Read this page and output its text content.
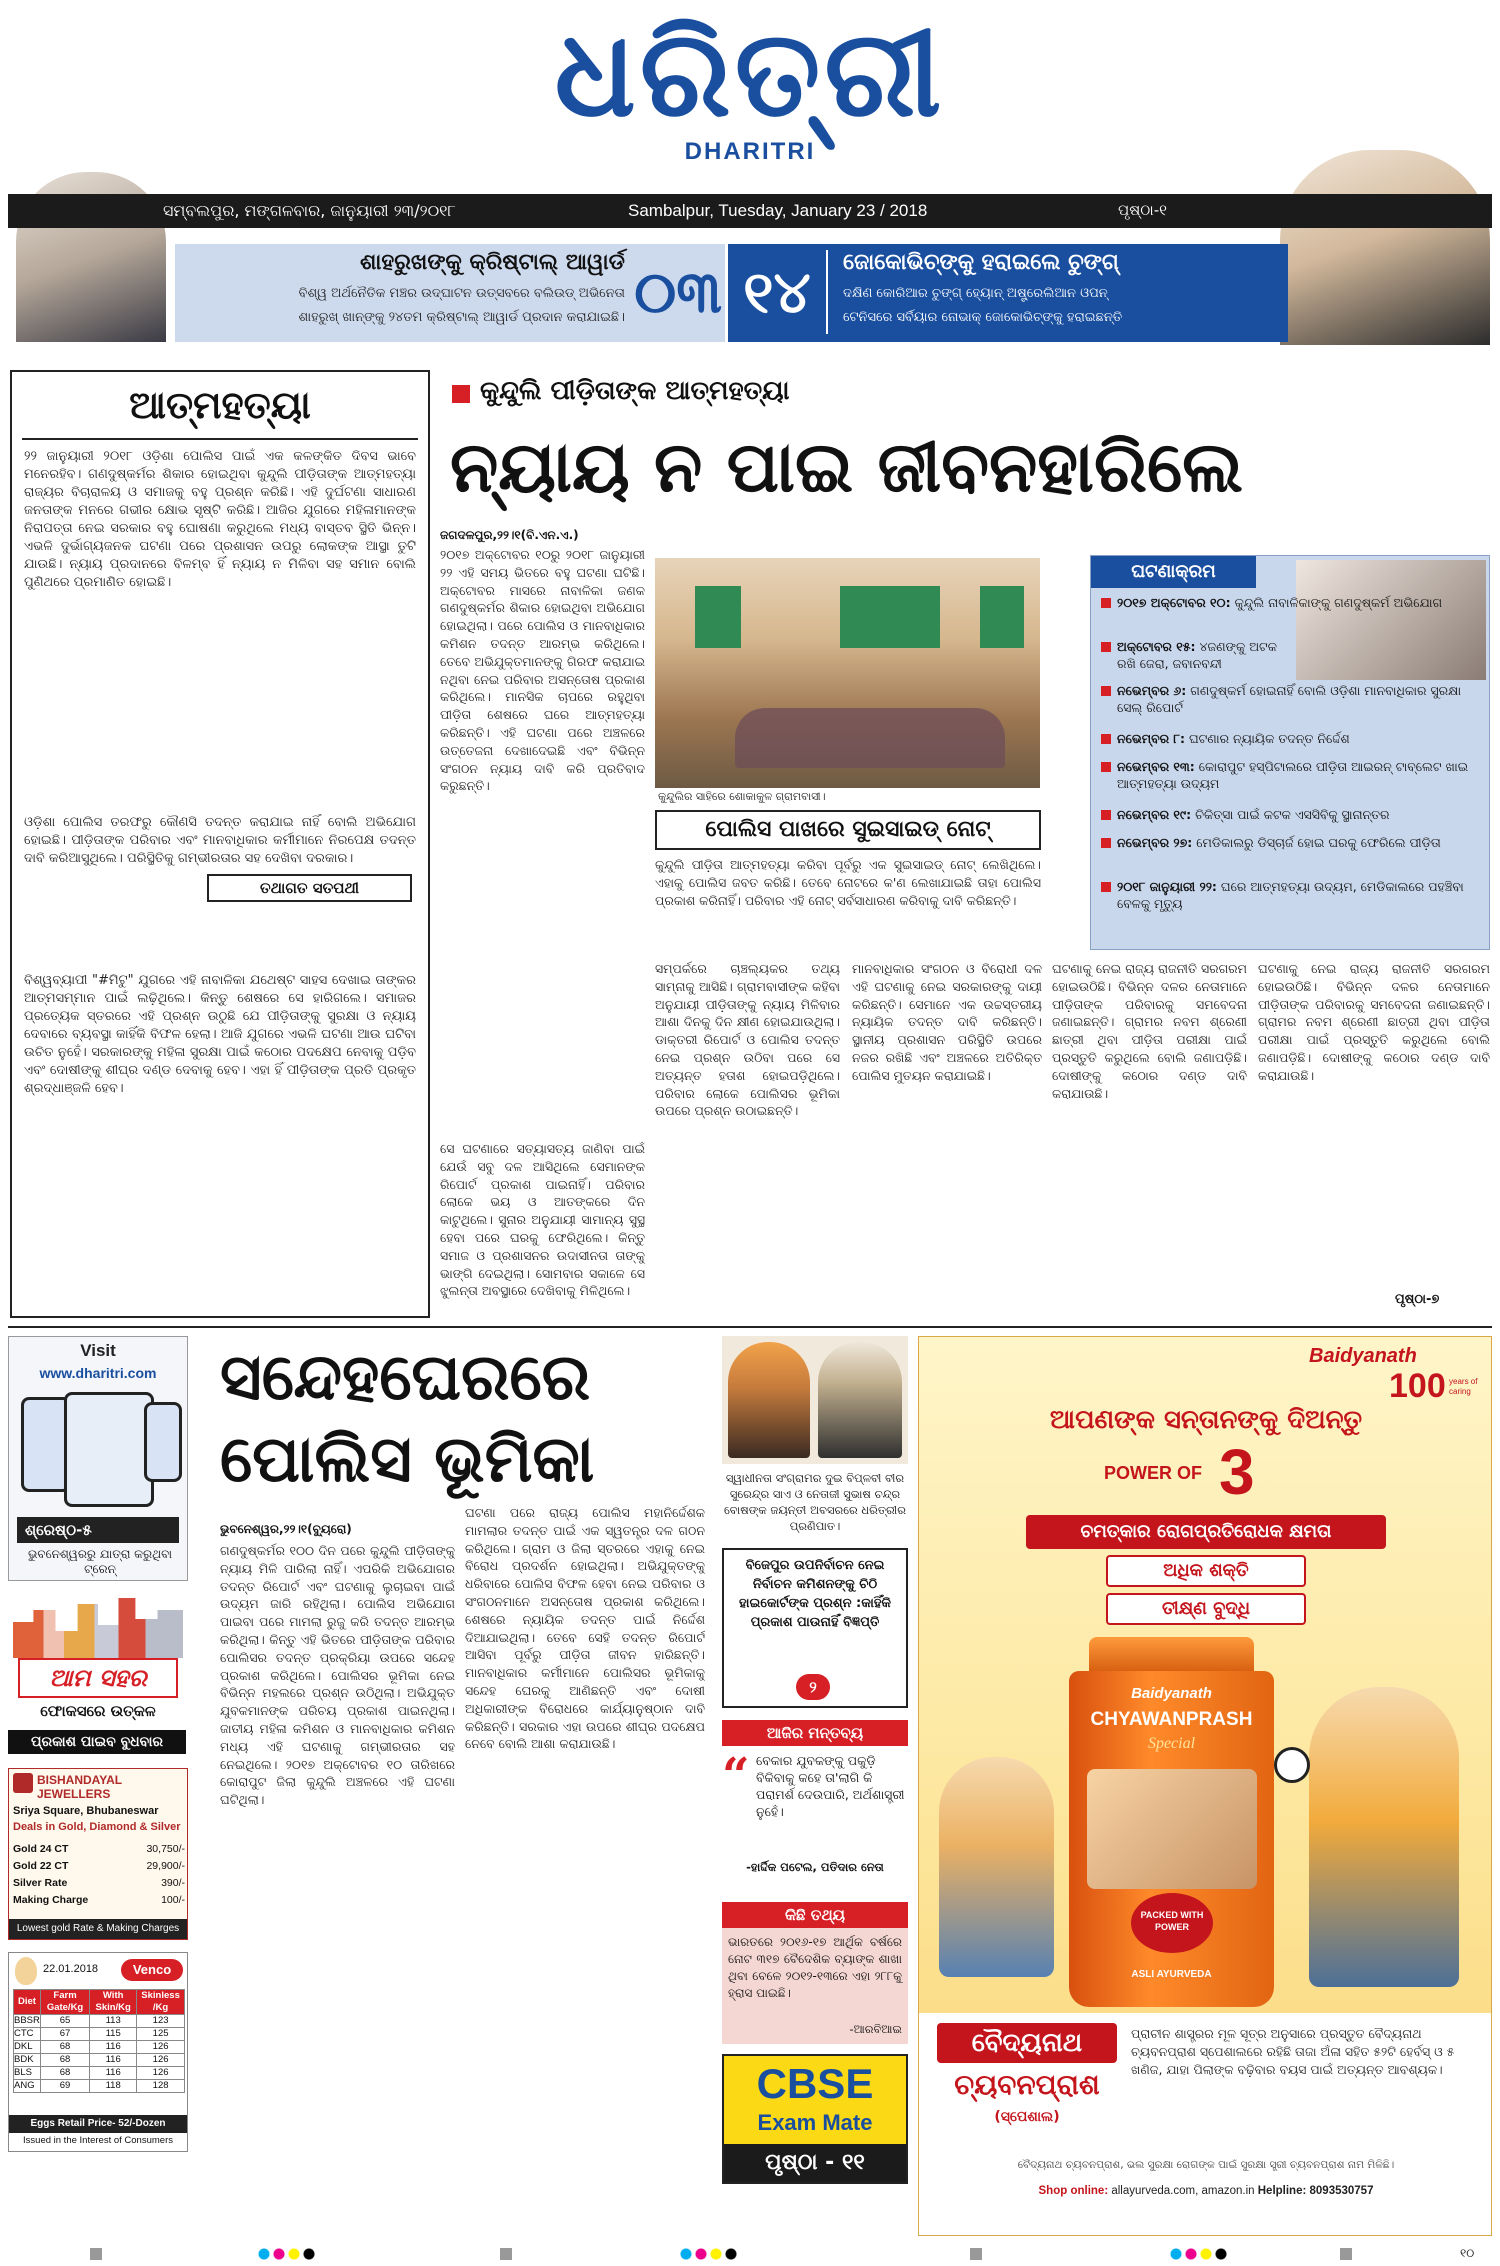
ଧରିତ୍ରୀ
DHARITRI
ସମ୍ବଲପୁର, ମଙ୍ଗଳବାର, ଜାନୁୟାରୀ ୨୩/୨୦୧୮	Sambalpur, Tuesday, January 23 / 2018	ପୃଷ୍ଠା-୧
ଶାହରୁଖଙ୍କୁ କ୍ରିଷ୍ଟାଲ୍ ଆୱାର୍ଡ
ବିଶ୍ୱ ଅର୍ଥନୈତିକ ମଞ୍ଚର ଉଦ୍‌ଘାଟନ ଉତ୍ସବରେ ବଲିଉଡ୍ ଅଭିନେତା
ଶାହରୁଖ୍ ଖାନ୍‌ଙ୍କୁ ୨୪ତମ କ୍ରିଷ୍ଟାଲ୍ ଆୱାର୍ଡ ପ୍ରଦାନ କରାଯାଇଛି। ୦୩ ୧୪	ଜୋକୋଭିଚ୍‌ଙ୍କୁ ହରାଇଲେ ଚୁଙ୍ଗ୍
ଦକ୍ଷିଣ କୋରିଆର ଚୁଙ୍ଗ୍ ହ୍ୟୋନ୍ ଅଷ୍ଟ୍ରେଲିଆନ ଓପନ୍
ଟେନିସରେ ସର୍ବିୟାର ନୋଭାକ୍ ଜୋକୋଭିଚ୍‌ଙ୍କୁ ହରାଇଛନ୍ତି
ଆତ୍ମହତ୍ୟା
୨୨ ଜାନୁୟାରୀ ୨୦୧୮ ଓଡ଼ିଶା ପୋଲିସ ପାଇଁ ଏକ କଳଙ୍କିତ ଦିବସ ଭାବେ ମନେରହିବ। ଗଣଦୁଷ୍କର୍ମର ଶିକାର ହୋଇଥିବା କୁନ୍ଦୁଲି ପୀଡ଼ିତାଙ୍କ ଆତ୍ମହତ୍ୟା ରାଜ୍ୟର ବିଚାରାଳୟ ଓ ସମାଜକୁ ବହୁ ପ୍ରଶ୍ନ କରିଛି। ଏହି ଦୁର୍ଘଟଣା ସାଧାରଣ ଜନତାଙ୍କ ମନରେ ଗଭୀର କ୍ଷୋଭ ସୃଷ୍ଟି କରିଛି। ଆଜିର ଯୁଗରେ ମହିଳାମାନଙ୍କ ନିରାପତ୍ତା ନେଇ ସରକାର ବହୁ ଘୋଷଣା କରୁଥିଲେ ମଧ୍ୟ ବାସ୍ତବ ସ୍ଥିତି ଭିନ୍ନ। ଏଭଳି ଦୁର୍ଭାଗ୍ୟଜନକ ଘଟଣା ପରେ ପ୍ରଶାସନ ଉପରୁ ଲୋକଙ୍କ ଆସ୍ଥା ତୁଟି ଯାଉଛି। ନ୍ୟାୟ ପ୍ରଦାନରେ ବିଳମ୍ବ ହିଁ ନ୍ୟାୟ ନ ମିଳିବା ସହ ସମାନ ବୋଲି ପୁଣିଥରେ ପ୍ରମାଣିତ ହୋଇଛି।
ଓଡ଼ିଶା ପୋଲିସ ତରଫରୁ କୌଣସି ତଦନ୍ତ କରାଯାଇ ନାହିଁ ବୋଲି ଅଭିଯୋଗ ହୋଇଛି। ପୀଡ଼ିତାଙ୍କ ପରିବାର ଏବଂ ମାନବାଧିକାର କର୍ମୀମାନେ ନିରପେକ୍ଷ ତଦନ୍ତ ଦାବି କରିଆସୁଥିଲେ। ପରିସ୍ଥିତିକୁ ଗମ୍ଭୀରତାର ସହ ଦେଖିବା ଦରକାର।
ତଥାଗତ ସତପଥୀ
ବିଶ୍ୱବ୍ୟାପୀ "#ମିଟୁ" ଯୁଗରେ ଏହି ନାବାଳିକା ଯଥେଷ୍ଟ ସାହସ ଦେଖାଇ ତାଙ୍କର ଆତ୍ମସମ୍ମାନ ପାଇଁ ଲଢ଼ିଥିଲେ। କିନ୍ତୁ ଶେଷରେ ସେ ହାରିଗଲେ। ସମାଜର ପ୍ରତ୍ୟେକ ସ୍ତରରେ ଏହି ପ୍ରଶ୍ନ ଉଠୁଛି ଯେ ପୀଡ଼ିତାଙ୍କୁ ସୁରକ୍ଷା ଓ ନ୍ୟାୟ ଦେବାରେ ବ୍ୟବସ୍ଥା କାହିଁକି ବିଫଳ ହେଲା। ଆଜି ଯୁଗରେ ଏଭଳି ଘଟଣା ଆଉ ଘଟିବା ଉଚିତ ନୁହେଁ। ସରକାରଙ୍କୁ ମହିଳା ସୁରକ୍ଷା ପାଇଁ କଠୋର ପଦକ୍ଷେପ ନେବାକୁ ପଡ଼ିବ ଏବଂ ଦୋଷୀଙ୍କୁ ଶୀଘ୍ର ଦଣ୍ଡ ଦେବାକୁ ହେବ। ଏହା ହିଁ ପୀଡ଼ିତାଙ୍କ ପ୍ରତି ପ୍ରକୃତ ଶ୍ରଦ୍ଧାଞ୍ଜଳି ହେବ।
କୁନ୍ଦୁଲି ପୀଡ଼ିତାଙ୍କ ଆତ୍ମହତ୍ୟା
ନ୍ୟାୟ ନ ପାଇ ଜୀବନହାରିଲେ
ଜଗଦଳପୁର,୨୨।୧(ବି.ଏନ.ଏ.)
୨୦୧୭ ଅକ୍ଟୋବର ୧୦ରୁ ୨୦୧୮ ଜାନୁୟାରୀ ୨୨ ଏହି ସମୟ ଭିତରେ ବହୁ ଘଟଣା ଘଟିଛି। ଅକ୍ଟୋବର ମାସରେ ନାବାଳିକା ଜଣକ ଗଣଦୁଷ୍କର୍ମର ଶିକାର ହୋଇଥିବା ଅଭିଯୋଗ ହୋଇଥିଲା। ପରେ ପୋଲିସ ଓ ମାନବାଧିକାର କମିଶନ ତଦନ୍ତ ଆରମ୍ଭ କରିଥିଲେ। ତେବେ ଅଭିଯୁକ୍ତମାନଙ୍କୁ ଗିରଫ କରାଯାଇ ନଥିବା ନେଇ ପରିବାର ଅସନ୍ତୋଷ ପ୍ରକାଶ କରିଥିଲେ। ମାନସିକ ଚାପରେ ରହୁଥିବା ପୀଡ଼ିତା ଶେଷରେ ଘରେ ଆତ୍ମହତ୍ୟା କରିଛନ୍ତି। ଏହି ଘଟଣା ପରେ ଅଞ୍ଚଳରେ ଉତ୍ତେଜନା ଦେଖାଦେଇଛି ଏବଂ ବିଭିନ୍ନ ସଂଗଠନ ନ୍ୟାୟ ଦାବି କରି ପ୍ରତିବାଦ କରୁଛନ୍ତି।
କୁନ୍ଦୁଲିର ସାହିରେ ଶୋକାକୁଳ ଗ୍ରାମବାସୀ।
ପୋଲିସ ପାଖରେ ସୁଇସାଇଡ୍ ନୋଟ୍
କୁନ୍ଦୁଲି ପୀଡ଼ିତା ଆତ୍ମହତ୍ୟା କରିବା ପୂର୍ବରୁ ଏକ ସୁଇସାଇଡ୍ ନୋଟ୍ ଲେଖିଥିଲେ। ଏହାକୁ ପୋଲିସ ଜବତ କରିଛି। ତେବେ ନୋଟରେ କ'ଣ ଲେଖାଯାଇଛି ତାହା ପୋଲିସ ପ୍ରକାଶ କରିନାହିଁ। ପରିବାର ଏହି ନୋଟ୍ ସର୍ବସାଧାରଣ କରିବାକୁ ଦାବି କରିଛନ୍ତି।
ସେ ଘଟଣାରେ ସତ୍ୟାସତ୍ୟ ଜାଣିବା ପାଇଁ ଯେଉଁ ସବୁ ଦଳ ଆସିଥିଲେ ସେମାନଙ୍କ ରିପୋର୍ଟ ପ୍ରକାଶ ପାଇନାହିଁ। ପରିବାର ଲୋକେ ଭୟ ଓ ଆତଙ୍କରେ ଦିନ କାଟୁଥିଲେ। ସୁନାର ଅନୁଯାୟୀ ସାମାନ୍ୟ ସୁସ୍ଥ ହେବା ପରେ ଘରକୁ ଫେରିଥିଲେ। କିନ୍ତୁ ସମାଜ ଓ ପ୍ରଶାସନର ଉଦାସୀନତା ତାଙ୍କୁ ଭାଙ୍ଗି ଦେଇଥିଲା। ସୋମବାର ସକାଳେ ସେ ଝୁଲନ୍ତା ଅବସ୍ଥାରେ ଦେଖିବାକୁ ମିଳିଥିଲେ।
ସମ୍ପର୍କରେ ଚାଞ୍ଚଲ୍ୟକର ତଥ୍ୟ ସାମ୍ନାକୁ ଆସିଛି। ଗ୍ରାମବାସୀଙ୍କ କହିବା ଅନୁଯାୟୀ ପୀଡ଼ିତାଙ୍କୁ ନ୍ୟାୟ ମିଳିବାର ଆଶା ଦିନକୁ ଦିନ କ୍ଷୀଣ ହୋଇଯାଉଥିଲା। ଡାକ୍ତରୀ ରିପୋର୍ଟ ଓ ପୋଲିସ ତଦନ୍ତ ନେଇ ପ୍ରଶ୍ନ ଉଠିବା ପରେ ସେ ଅତ୍ୟନ୍ତ ହତାଶ ହୋଇପଡ଼ିଥିଲେ। ପରିବାର ଲୋକେ ପୋଲିସର ଭୂମିକା ଉପରେ ପ୍ରଶ୍ନ ଉଠାଇଛନ୍ତି।
ମାନବାଧିକାର ସଂଗଠନ ଓ ବିରୋଧୀ ଦଳ ଏହି ଘଟଣାକୁ ନେଇ ସରକାରଙ୍କୁ ଦାୟୀ କରିଛନ୍ତି। ସେମାନେ ଏକ ଉଚ୍ଚସ୍ତରୀୟ ନ୍ୟାୟିକ ତଦନ୍ତ ଦାବି କରିଛନ୍ତି। ସ୍ଥାନୀୟ ପ୍ରଶାସନ ପରିସ୍ଥିତି ଉପରେ ନଜର ରଖିଛି ଏବଂ ଅଞ୍ଚଳରେ ଅତିରିକ୍ତ ପୋଲିସ ମୁତୟନ କରାଯାଇଛି।
ଘଟଣାକୁ ନେଇ ରାଜ୍ୟ ରାଜନୀତି ସରଗରମ ହୋଇଉଠିଛି। ବିଭିନ୍ନ ଦଳର ନେତାମାନେ ପୀଡ଼ିତାଙ୍କ ପରିବାରକୁ ସମବେଦନା ଜଣାଇଛନ୍ତି। ଗ୍ରାମର ନବମ ଶ୍ରେଣୀ ଛାତ୍ରୀ ଥିବା ପୀଡ଼ିତା ପରୀକ୍ଷା ପାଇଁ ପ୍ରସ୍ତୁତି କରୁଥିଲେ ବୋଲି ଜଣାପଡ଼ିଛି। ଦୋଷୀଙ୍କୁ କଠୋର ଦଣ୍ଡ ଦାବି କରାଯାଉଛି।
ଘଟଣାକୁ ନେଇ ରାଜ୍ୟ ରାଜନୀତି ସରଗରମ ହୋଇଉଠିଛି। ବିଭିନ୍ନ ଦଳର ନେତାମାନେ ପୀଡ଼ିତାଙ୍କ ପରିବାରକୁ ସମବେଦନା ଜଣାଇଛନ୍ତି। ଗ୍ରାମର ନବମ ଶ୍ରେଣୀ ଛାତ୍ରୀ ଥିବା ପୀଡ଼ିତା ପରୀକ୍ଷା ପାଇଁ ପ୍ରସ୍ତୁତି କରୁଥିଲେ ବୋଲି ଜଣାପଡ଼ିଛି। ଦୋଷୀଙ୍କୁ କଠୋର ଦଣ୍ଡ ଦାବି କରାଯାଉଛି।
ପୃଷ୍ଠା-୭
ଘଟଣାକ୍ରମ
୨୦୧୭ ଅକ୍ଟୋବର ୧୦: କୁନ୍ଦୁଲି ନାବାଳିକାଙ୍କୁ ଗଣଦୁଷ୍କର୍ମ ଅଭିଯୋଗ
ଅକ୍ଟୋବର ୧୫: ୪ଜଣଙ୍କୁ ଅଟକ ରଖି ଜେରା, ଜବାନବନ୍ଦୀ
ନଭେମ୍ବର ୬: ଗଣଦୁଷ୍କର୍ମ ହୋଇନାହିଁ ବୋଲି ଓଡ଼ିଶା ମାନବାଧିକାର ସୁରକ୍ଷା ସେଲ୍ ରିପୋର୍ଟ
ନଭେମ୍ବର ୮: ଘଟଣାର ନ୍ୟାୟିକ ତଦନ୍ତ ନିର୍ଦ୍ଦେଶ
ନଭେମ୍ବର ୧୩: କୋରାପୁଟ ହସ୍ପିଟାଲରେ ପୀଡ଼ିତା ଆଇରନ୍ ଟାବ୍‌ଲେଟ ଖାଇ ଆତ୍ମହତ୍ୟା ଉଦ୍ୟମ
ନଭେମ୍ବର ୧୯: ଚିକିତ୍ସା ପାଇଁ କଟକ ଏସସିବିକୁ ସ୍ଥାନାନ୍ତର
ନଭେମ୍ବର ୨୭: ମେଡିକାଲରୁ ଡିସ୍‌ଚାର୍ଜ ହୋଇ ଘରକୁ ଫେରିଲେ ପୀଡ଼ିତା
୨୦୧୮ ଜାନୁୟାରୀ ୨୨: ଘରେ ଆତ୍ମହତ୍ୟା ଉଦ୍ୟମ, ମେଡିକାଲରେ ପହଞ୍ଚିବା ବେଳକୁ ମୃତ୍ୟୁ
Visit
www.dharitri.com
ଶ୍ରେଷ୍ଠ-୫
ଭୁବନେଶ୍ୱରରୁ ଯାତ୍ରା କରୁଥିବା ଟ୍ରେନ୍
ଆମ ସହର
ଫୋକସରେ ଉତ୍କଳ
ପ୍ରକାଶ ପାଇବ ବୁଧବାର
BISHANDAYAL JEWELLERS
Sriya Square, Bhubaneswar
Deals in Gold, Diamond & Silver
Gold 24 CT	30,750/-
Gold 22 CT	29,900/-
Silver Rate	390/-
Making Charge	100/-
Lowest gold Rate & Making Charges
22.01.2018	Venco
Diet	Farm Gate/Kg	With Skin/Kg	Skinless /Kg
BBSR	65	113	123
CTC	67	115	125
DKL	68	116	126
BDK	68	116	126
BLS	68	116	126
ANG	69	118	128
Eggs Retail Price- 52/-Dozen
Issued in the Interest of Consumers
ସନ୍ଦେହଘେରରେ
ପୋଲିସ ଭୂମିକା
ଭୁବନେଶ୍ୱର,୨୨।୧(ବ୍ୟୁରୋ)
ଗଣଦୁଷ୍କର୍ମର ୧୦୦ ଦିନ ପରେ କୁନ୍ଦୁଲି ପୀଡ଼ିତାଙ୍କୁ ନ୍ୟାୟ ମିଳି ପାରିଲା ନାହିଁ। ଏପରିକି ଅଭିଯୋଗର ତଦନ୍ତ ରିପୋର୍ଟ ଏବଂ ଘଟଣାକୁ ଲୁଚାଇବା ପାଇଁ ଉଦ୍ୟମ ଜାରି ରହିଥିଲା। ପୋଲିସ ଅଭିଯୋଗ ପାଇବା ପରେ ମାମଲା ରୁଜୁ କରି ତଦନ୍ତ ଆରମ୍ଭ କରିଥିଲା। କିନ୍ତୁ ଏହି ଭିତରେ ପୀଡ଼ିତାଙ୍କ ପରିବାର ପୋଲିସର ତଦନ୍ତ ପ୍ରକ୍ରିୟା ଉପରେ ସନ୍ଦେହ ପ୍ରକାଶ କରିଥିଲେ। ପୋଲିସର ଭୂମିକା ନେଇ ବିଭିନ୍ନ ମହଲରେ ପ୍ରଶ୍ନ ଉଠିଥିଲା। ଅଭିଯୁକ୍ତ ଯୁବକମାନଙ୍କ ପରିଚୟ ପ୍ରକାଶ ପାଇନଥିଲା। ଜାତୀୟ ମହିଳା କମିଶନ ଓ ମାନବାଧିକାର କମିଶନ ମଧ୍ୟ ଏହି ଘଟଣାକୁ ଗମ୍ଭୀରତାର ସହ ନେଇଥିଲେ। ୨୦୧୭ ଅକ୍ଟୋବର ୧୦ ତାରିଖରେ କୋରାପୁଟ ଜିଲା କୁନ୍ଦୁଲି ଅଞ୍ଚଳରେ ଏହି ଘଟଣା ଘଟିଥିଲା।
ଘଟଣା ପରେ ରାଜ୍ୟ ପୋଲିସ ମହାନିର୍ଦ୍ଦେଶକ ମାମଲାର ତଦନ୍ତ ପାଇଁ ଏକ ସ୍ୱତନ୍ତ୍ର ଦଳ ଗଠନ କରିଥିଲେ। ଗ୍ରାମ ଓ ଜିଲା ସ୍ତରରେ ଏହାକୁ ନେଇ ବିରୋଧ ପ୍ରଦର୍ଶନ ହୋଇଥିଲା। ଅଭିଯୁକ୍ତଙ୍କୁ ଧରିବାରେ ପୋଲିସ ବିଫଳ ହେବା ନେଇ ପରିବାର ଓ ସଂଗଠନମାନେ ଅସନ୍ତୋଷ ପ୍ରକାଶ କରିଥିଲେ। ଶେଷରେ ନ୍ୟାୟିକ ତଦନ୍ତ ପାଇଁ ନିର୍ଦ୍ଦେଶ ଦିଆଯାଇଥିଲା। ତେବେ ସେହି ତଦନ୍ତ ରିପୋର୍ଟ ଆସିବା ପୂର୍ବରୁ ପୀଡ଼ିତା ଜୀବନ ହାରିଛନ୍ତି। ମାନବାଧିକାର କର୍ମୀମାନେ ପୋଲିସର ଭୂମିକାକୁ ସନ୍ଦେହ ଘେରକୁ ଆଣିଛନ୍ତି ଏବଂ ଦୋଷୀ ଅଧିକାରୀଙ୍କ ବିରୋଧରେ କାର୍ଯ୍ୟାନୁଷ୍ଠାନ ଦାବି କରିଛନ୍ତି। ସରକାର ଏହା ଉପରେ ଶୀଘ୍ର ପଦକ୍ଷେପ ନେବେ ବୋଲି ଆଶା କରାଯାଉଛି।
ସ୍ୱାଧୀନତା ସଂଗ୍ରାମର ଦୁଇ ବିପ୍ଳବୀ ବୀର ସୁରେନ୍ଦ୍ର ସାଏ ଓ ନେତାଜୀ ସୁଭାଷ ଚନ୍ଦ୍ର ବୋଷଙ୍କ ଜୟନ୍ତୀ ଅବସରରେ ଧରିତ୍ରୀର ପ୍ରଣିପାତ।
ବିଜେପୁର ଉପନିର୍ବାଚନ ନେଇ ନିର୍ବାଚନ କମିଶନଙ୍କୁ ଚିଠି ହାଇକୋର୍ଟଙ୍କ ପ୍ରଶ୍ନ :କାହିଁକି ପ୍ରକାଶ ପାଉନାହିଁ ବିଜ୍ଞପ୍ତି
୨
ଆଜିର ମନ୍ତବ୍ୟ
“ ବେକାର ଯୁବକଙ୍କୁ ପକୁଡ଼ି ବିକିବାକୁ କହେ ତା'ଲାଗି କି ପରାମର୍ଶ ଦେଉପାରି, ଅର୍ଥଶାସ୍ତ୍ରୀ ନୁହେଁ।
-ହାର୍ଦ୍ଦିକ ପଟେଲ, ପତିଦାର ନେତା
କିଛି ତଥ୍ୟ
ଭାରତରେ ୨୦୧୬-୧୭ ଆର୍ଥିକ ବର୍ଷରେ ନୋଟ ୩୧୭ ବୈଦେଶିକ ବ୍ୟାଙ୍କ ଶାଖା ଥିବା ବେଳେ ୨୦୧୨-୧୩ରେ ଏହା ୨୮୮କୁ ହ୍ରାସ ପାଇଛି।
-ଆରବିଆଇ
CBSE
Exam Mate
ପୃଷ୍ଠା - ୧୧
Baidyanath
100 years of caring
ଆପଣଙ୍କ ସନ୍ତାନଙ୍କୁ ଦିଅନ୍ତୁ
POWER OF 3
ଚମତ୍କାର ରୋଗପ୍ରତିରୋଧକ କ୍ଷମତା
ଅଧିକ ଶକ୍ତି
ତୀକ୍ଷ୍ଣ ବୁଦ୍ଧି
Baidyanath
CHYAWANPRASH
Special
PACKED WITH POWER
ASLI AYURVEDA
ବୈଦ୍ୟନାଥ
ଚ୍ୟବନପ୍ରାଶ
(ସ୍ପେଶାଲ)
ପ୍ରାଚୀନ ଶାସ୍ତ୍ରର ମୂଳ ସୂତ୍ର ଅନୁସାରେ ପ୍ରସ୍ତୁତ ବୈଦ୍ୟନାଥ ଚ୍ୟବନପ୍ରାଶ ସ୍ପେଶାଲରେ ରହିଛି ତାଜା ଅଁଳା ସହିତ ୫୨ଟି ହେର୍ବସ୍ ଓ ୫ ଖଣିଜ, ଯାହା ପିଲାଙ୍କ ବଢ଼ିବାର ବୟସ ପାଇଁ ଅତ୍ୟନ୍ତ ଆବଶ୍ୟକ।
ବୈଦ୍ୟନାଥ ଚ୍ୟବନପ୍ରାଶ, ଭଲ ସୁରକ୍ଷା ରୋଗଙ୍କ ପାଇଁ ସୁରକ୍ଷା ସ୍ତ୍ରୀ ଚ୍ୟବନପ୍ରାଶ ନାମ ମିଳିଛି।
Shop online: allayurveda.com, amazon.in Helpline: 8093530757
୧ଠ
